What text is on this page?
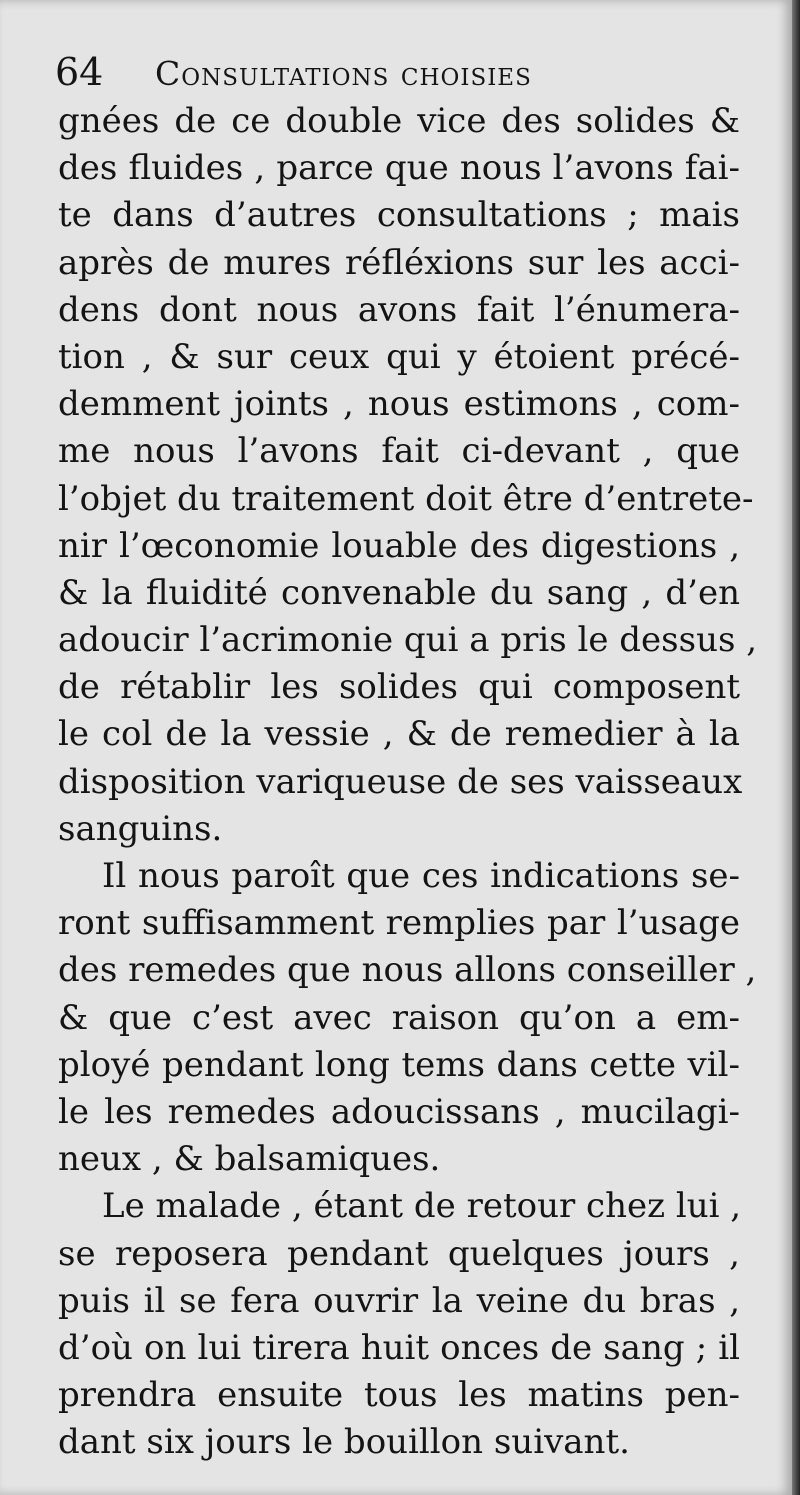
64 Consultations choisies
gnées de ce double vice des solides &
des fluides , parce que nous l’avons fai-
te dans d’autres consultations ; mais
après de mures réfléxions sur les acci-
dens dont nous avons fait l’énumera-
tion , & sur ceux qui y étoient précé-
demment joints , nous estimons , com-
me nous l’avons fait ci-devant , que
l’objet du traitement doit être d’entrete-
nir l’œconomie louable des digestions ,
& la fluidité convenable du sang , d’en
adoucir l’acrimonie qui a pris le dessus ,
de rétablir les solides qui composent
le col de la vessie , & de remedier à la
disposition variqueuse de ses vaisseaux
sanguins.
Il nous paroît que ces indications se-
ront suffisamment remplies par l’usage
des remedes que nous allons conseiller ,
& que c’est avec raison qu’on a em-
ployé pendant long tems dans cette vil-
le les remedes adoucissans , mucilagi-
neux , & balsamiques.
Le malade , étant de retour chez lui ,
se reposera pendant quelques jours ,
puis il se fera ouvrir la veine du bras ,
d’où on lui tirera huit onces de sang ; il
prendra ensuite tous les matins pen-
dant six jours le bouillon suivant.
